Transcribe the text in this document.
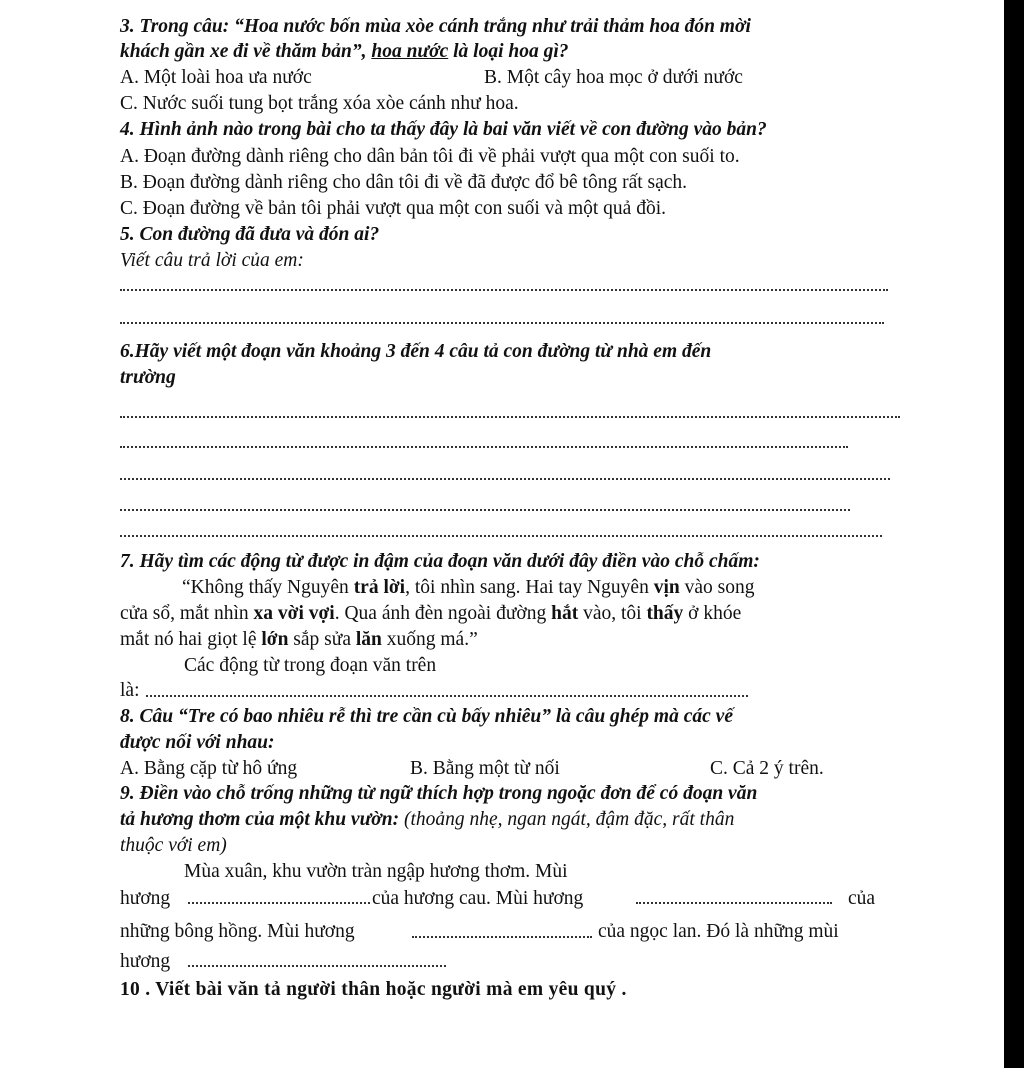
3. Trong câu: “Hoa nước bốn mùa xòe cánh trắng như trải thảm hoa đón mời
khách gần xe đi về thăm bản”, hoa nước là loại hoa gì?
A. Một loài hoa ưa nước	B. Một cây hoa mọc ở dưới nước
C. Nước suối tung bọt trắng xóa xòe cánh như hoa.
4. Hình ảnh nào trong bài cho ta thấy đây là bai văn viết về con đường vào bản?
A. Đoạn đường dành riêng cho dân bản tôi đi về phải vượt qua một con suối to.
B. Đoạn đường dành riêng cho dân tôi đi về đã được đổ bê tông rất sạch.
C. Đoạn đường về bản tôi phải vượt qua một con suối và một quả đồi.
5. Con đường đã đưa và đón ai?
Viết câu trả lời của em:
6.Hãy viết một đoạn văn khoảng 3 đến 4 câu tả con đường từ nhà em đến
trường
7. Hãy tìm các động từ được in đậm của đoạn văn dưới đây điền vào chỗ chấm:
“Không thấy Nguyên trả lời, tôi nhìn sang. Hai tay Nguyên vịn vào song
cửa sổ, mắt nhìn xa vời vợi. Qua ánh đèn ngoài đường hắt vào, tôi thấy ở khóe
mắt nó hai giọt lệ lớn sắp sửa lăn xuống má.”
Các động từ trong đoạn văn trên
là:
8. Câu “Tre có bao nhiêu rễ thì tre cần cù bấy nhiêu” là câu ghép mà các vế
được nối với nhau:
A. Bằng cặp từ hô ứng	B. Bằng một từ nối	C. Cả 2 ý trên.
9. Điền vào chỗ trống những từ ngữ thích hợp trong ngoặc đơn để có đoạn văn
tả hương thơm của một khu vườn: (thoảng nhẹ, ngan ngát, đậm đặc, rất thân
thuộc với em)
Mùa xuân, khu vườn tràn ngập hương thơm. Mùi
hương	của hương cau. Mùi hương	của
những bông hồng. Mùi hương	của ngọc lan. Đó là những mùi
hương
10 . Viết bài văn tả người thân hoặc người mà em yêu quý .
